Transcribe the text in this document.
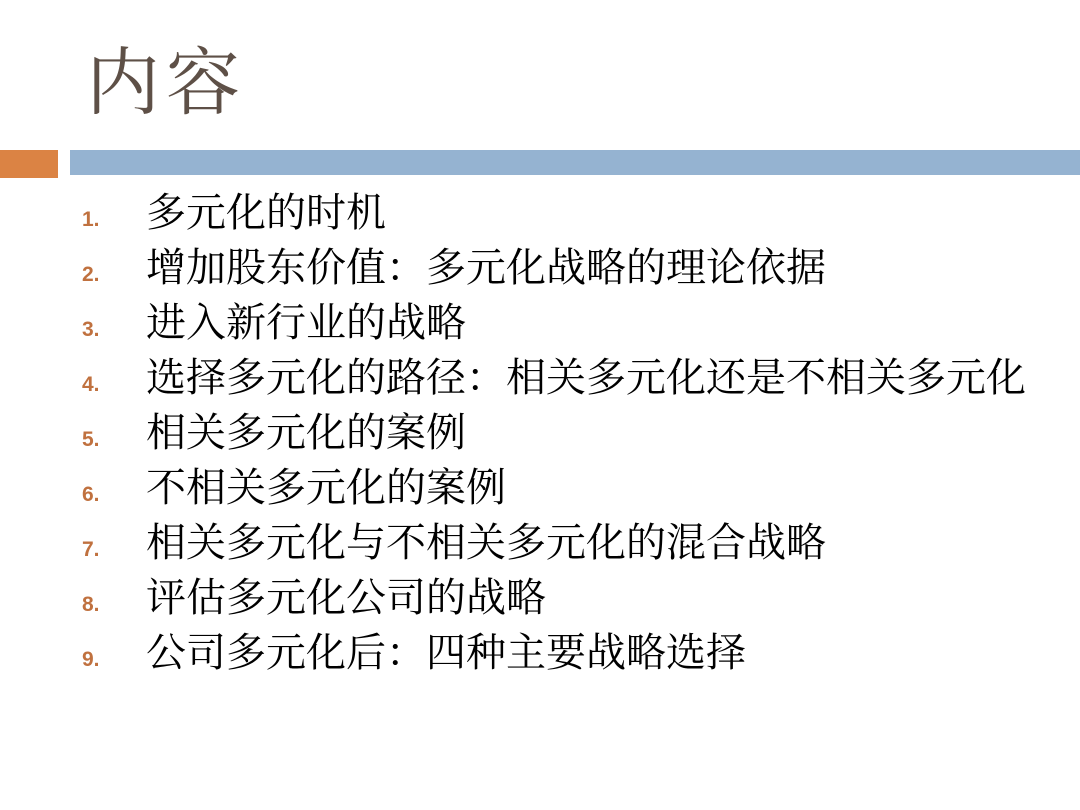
内容
1.	多元化的时机
2.	增加股东价值：多元化战略的理论依据
3.	进入新行业的战略
4.	选择多元化的路径：相关多元化还是不相关多元化
5.	相关多元化的案例
6.	不相关多元化的案例
7.	相关多元化与不相关多元化的混合战略
8.	评估多元化公司的战略
9.	公司多元化后：四种主要战略选择
